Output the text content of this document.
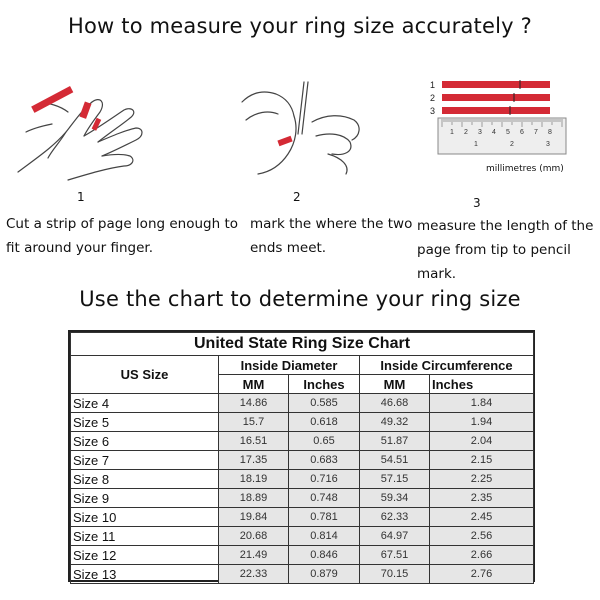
How to measure your ring size accurately ?
1
2
3
1 2 3 4 5 6 7 8
1	2	3
millimetres (mm)
1	2	3
Cut a strip of page long enough to
fit around your finger.
mark the where the two
ends meet.
measure the length of the
page from tip to pencil mark.
Use the chart to determine your ring size
United State Ring Size Chart				
US Size	Inside Diameter		Inside Circumference	
	MM	Inches	MM	Inches
Size 4	14.86	0.585	46.68	1.84
Size 5	15.7	0.618	49.32	1.94
Size 6	16.51	0.65	51.87	2.04
Size 7	17.35	0.683	54.51	2.15
Size 8	18.19	0.716	57.15	2.25
Size 9	18.89	0.748	59.34	2.35
Size 10	19.84	0.781	62.33	2.45
Size 11	20.68	0.814	64.97	2.56
Size 12	21.49	0.846	67.51	2.66
Size 13	22.33	0.879	70.15	2.76
